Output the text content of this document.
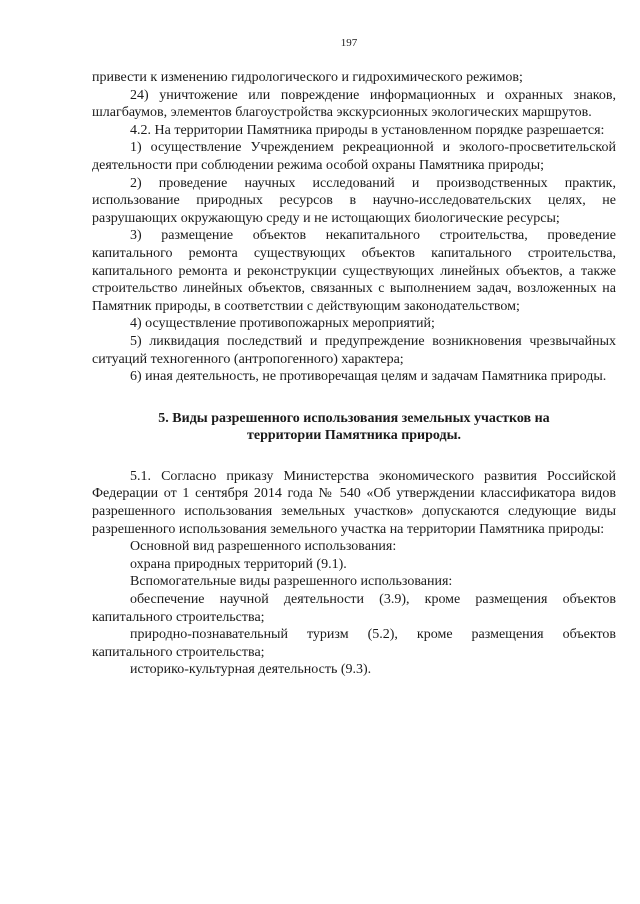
197

привести к изменению гидрологического и гидрохимического режимов;

24) уничтожение или повреждение информационных и охранных знаков, шлагбаумов, элементов благоустройства экскурсионных экологических маршрутов.

4.2. На территории Памятника природы в установленном порядке разрешается:

1) осуществление Учреждением рекреационной и эколого-просветительской деятельности при соблюдении режима особой охраны Памятника природы;

2) проведение научных исследований и производственных практик, использование природных ресурсов в научно-исследовательских целях, не разрушающих окружающую среду и не истощающих биологические ресурсы;

3) размещение объектов некапитального строительства, проведение капитального ремонта существующих объектов капитального строительства, капитального ремонта и реконструкции существующих линейных объектов, а также строительство линейных объектов, связанных с выполнением задач, возложенных на Памятник природы, в соответствии с действующим законодательством;

4) осуществление противопожарных мероприятий;

5) ликвидация последствий и предупреждение возникновения чрезвычайных ситуаций техногенного (антропогенного) характера;

6) иная деятельность, не противоречащая целям и задачам Памятника природы.

5. Виды разрешенного использования земельных участков на
территории Памятника природы.

5.1. Согласно приказу Министерства экономического развития Российской Федерации от 1 сентября 2014 года № 540 «Об утверждении классификатора видов разрешенного использования земельных участков» допускаются следующие виды разрешенного использования земельного участка на территории Памятника природы:

Основной вид разрешенного использования:

охрана природных территорий (9.1).

Вспомогательные виды разрешенного использования:

обеспечение научной деятельности (3.9), кроме размещения объектов капитального строительства;

природно-познавательный туризм (5.2), кроме размещения объектов капитального строительства;

историко-культурная деятельность (9.3).
